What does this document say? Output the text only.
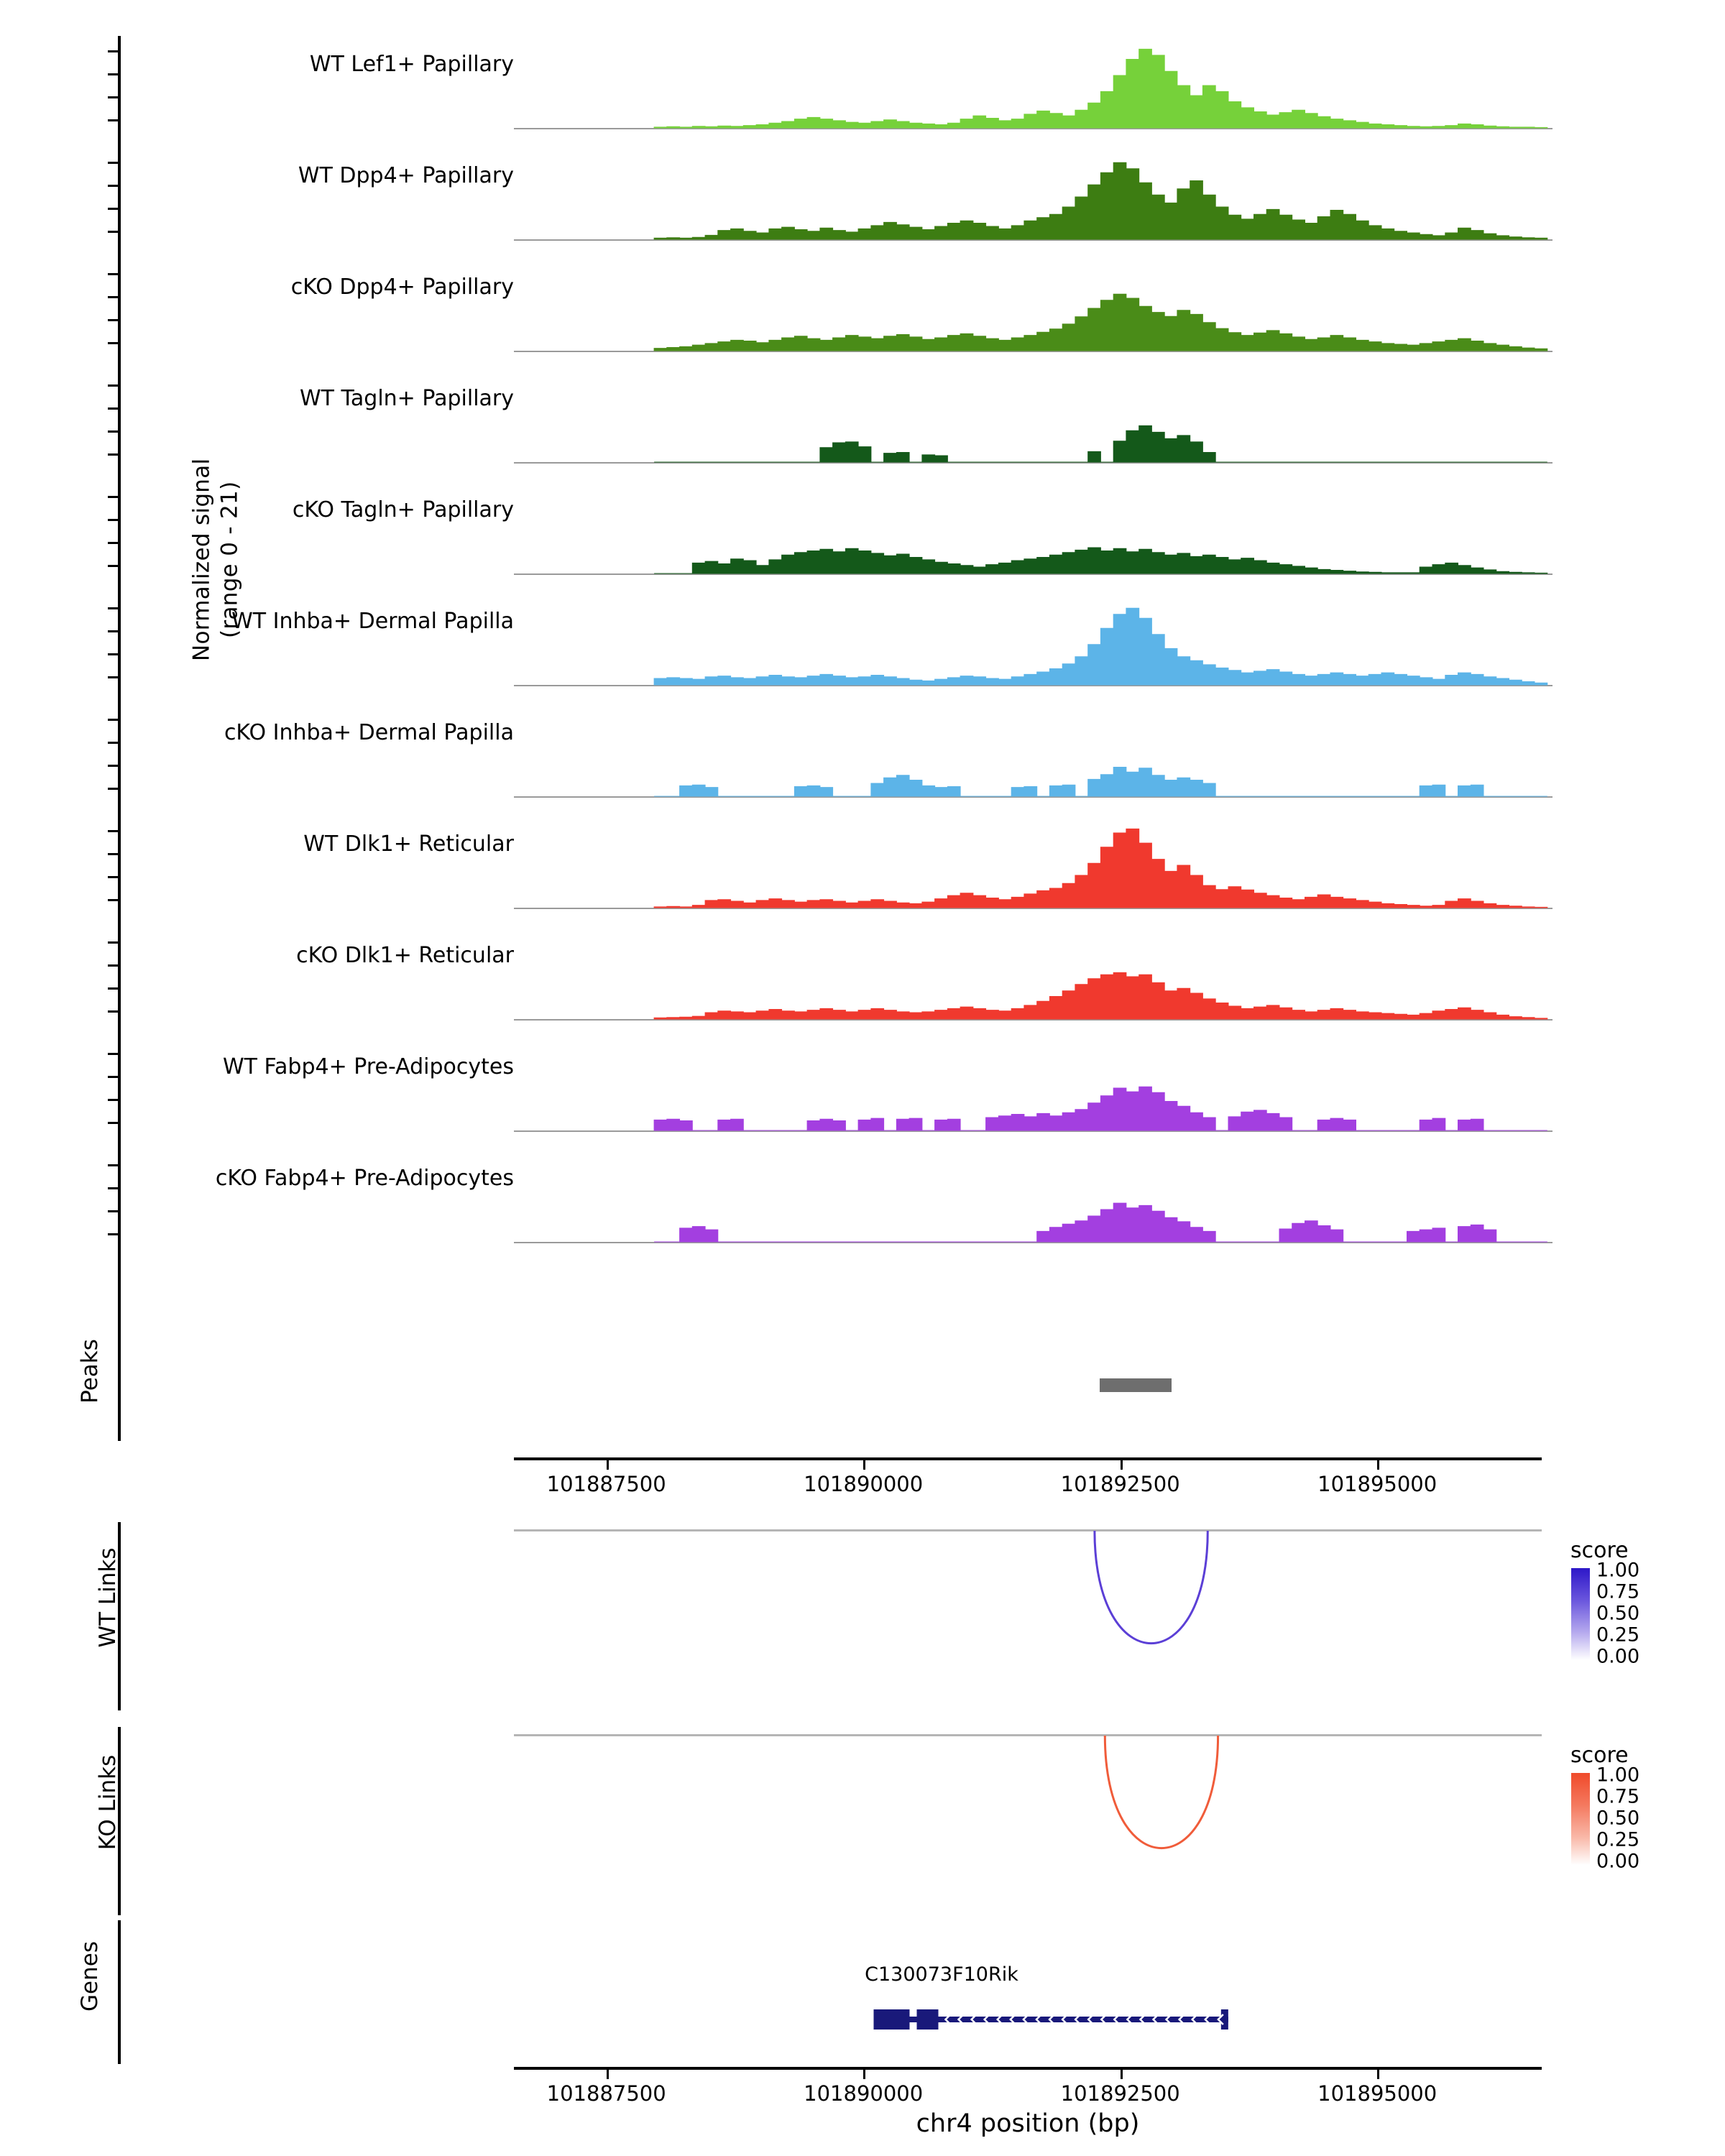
Normalized signal
(range 0 - 21)
WT Lef1+ Papillary
WT Dpp4+ Papillary
cKO Dpp4+ Papillary
WT Tagln+ Papillary
cKO Tagln+ Papillary
WT Inhba+ Dermal Papilla
cKO Inhba+ Dermal Papilla
WT Dlk1+ Reticular
cKO Dlk1+ Reticular
WT Fabp4+ Pre-Adipocytes
cKO Fabp4+ Pre-Adipocytes
Peaks
101887500	101890000	101892500	101895000
WT Links	score
1.00
0.75
0.50
0.25
0.00
KO Links	score
1.00
0.75
0.50
0.25
0.00
Genes	C130073F10Rik
101887500	101890000	101892500	101895000
chr4 position (bp)
